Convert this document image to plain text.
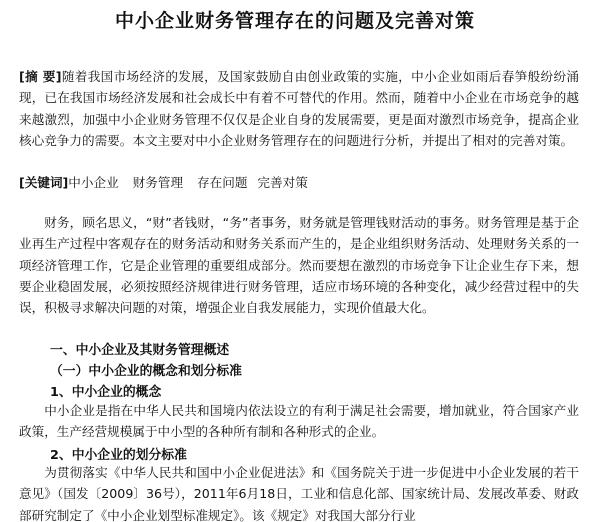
中小企业财务管理存在的问题及完善对策
[摘 要]随着我国市场经济的发展，及国家鼓励自由创业政策的实施，中小企业如雨后春笋般纷纷涌现，已在我国市场经济发展和社会成长中有着不可替代的作用。然而，随着中小企业在市场竞争的越来越激烈，加强中小企业财务管理不仅仅是企业自身的发展需要，更是面对激烈市场竞争，提高企业核心竞争力的需要。本文主要对中小企业财务管理存在的问题进行分析，并提出了相对的完善对策。
[关键词]中小企业 财务管理 存在问题 完善对策
财务，顾名思义，“财”者钱财，“务”者事务，财务就是管理钱财活动的事务。财务管理是基于企业再生产过程中客观存在的财务活动和财务关系而产生的，是企业组织财务活动、处理财务关系的一项经济管理工作，它是企业管理的重要组成部分。然而要想在激烈的市场竞争下让企业生存下来，想要企业稳固发展，必须按照经济规律进行财务管理，适应市场环境的各种变化，减少经营过程中的失误，积极寻求解决问题的对策，增强企业自我发展能力，实现价值最大化。
一、中小企业及其财务管理概述
（一）中小企业的概念和划分标准
1、中小企业的概念
中小企业是指在中华人民共和国境内依法设立的有利于满足社会需要，增加就业，符合国家产业政策，生产经营规模属于中小型的各种所有制和各种形式的企业。
2、中小企业的划分标准
为贯彻落实《中华人民共和国中小企业促进法》和《国务院关于进一步促进中小企业发展的若干意见》（国发〔2009〕36号），2011年6月18日，工业和信息化部、国家统计局、发展改革委、财政部研究制定了《中小企业划型标准规定》。该《规定》对我国大部分行业
